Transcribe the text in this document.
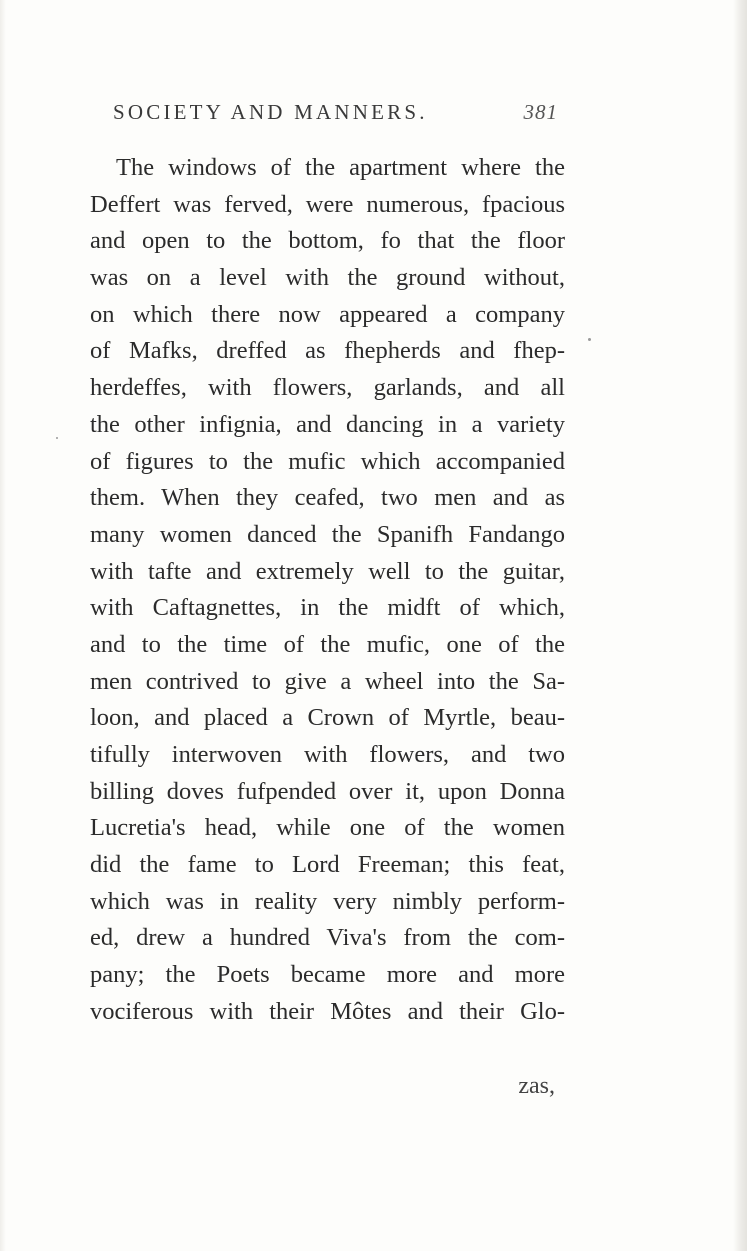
SOCIETY AND MANNERS.	381
The windows of the apartment where the
Deffert was ferved, were numerous, fpacious
and open to the bottom, fo that the floor
was on a level with the ground without,
on which there now appeared a company
of Mafks, dreffed as fhepherds and fhep-
herdeffes, with flowers, garlands, and all
the other infignia, and dancing in a variety
of figures to the mufic which accompanied
them. When they ceafed, two men and as
many women danced the Spanifh Fandango
with tafte and extremely well to the guitar,
with Caftagnettes, in the midft of which,
and to the time of the mufic, one of the
men contrived to give a wheel into the Sa-
loon, and placed a Crown of Myrtle, beau-
tifully interwoven with flowers, and two
billing doves fufpended over it, upon Donna
Lucretia's head, while one of the women
did the fame to Lord Freeman; this feat,
which was in reality very nimbly perform-
ed, drew a hundred Viva's from the com-
pany; the Poets became more and more
vociferous with their Môtes and their Glo-
zas,
